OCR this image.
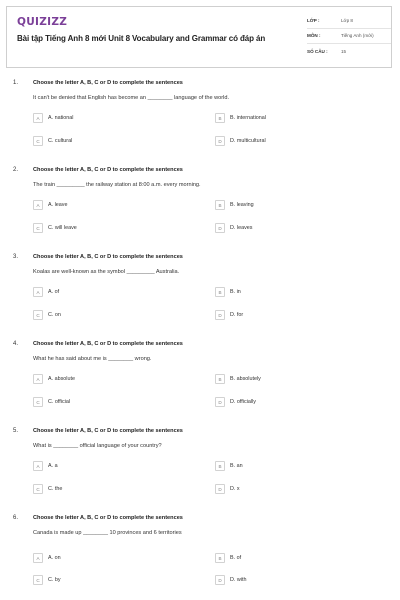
QUIZIZZ
Bài tập Tiếng Anh 8 mới Unit 8 Vocabulary and Grammar có đáp án
LỚP :	Lớp 8
MÔN :	Tiếng Anh (mới)
SỐ CÂU :	15
1.	Choose the letter A, B, C or D to complete the sentences
It can't be denied that English has become an ________ language of the world.
A	A. national	B	B. international
C	C. cultural	D	D. multicultural
2.	Choose the letter A, B, C or D to complete the sentences
The train _________ the railway station at 8:00 a.m. every morning.
A	A. leave	B	B. leaving
C	C. will leave	D	D. leaves
3.	Choose the letter A, B, C or D to complete the sentences
Koalas are well-known as the symbol _________ Australia.
A	A. of	B	B. in
C	C. on	D	D. for
4.	Choose the letter A, B, C or D to complete the sentences
What he has said about me is ________ wrong.
A	A. absolute	B	B. absolutely
C	C. official	D	D. officially
5.	Choose the letter A, B, C or D to complete the sentences
What is ________ official language of your country?
A	A. a	B	B. an
C	C. the	D	D. x
6.	Choose the letter A, B, C or D to complete the sentences
Canada is made up ________ 10 provinces and 6 territories
A	A. on	B	B. of
C	C. by	D	D. with
